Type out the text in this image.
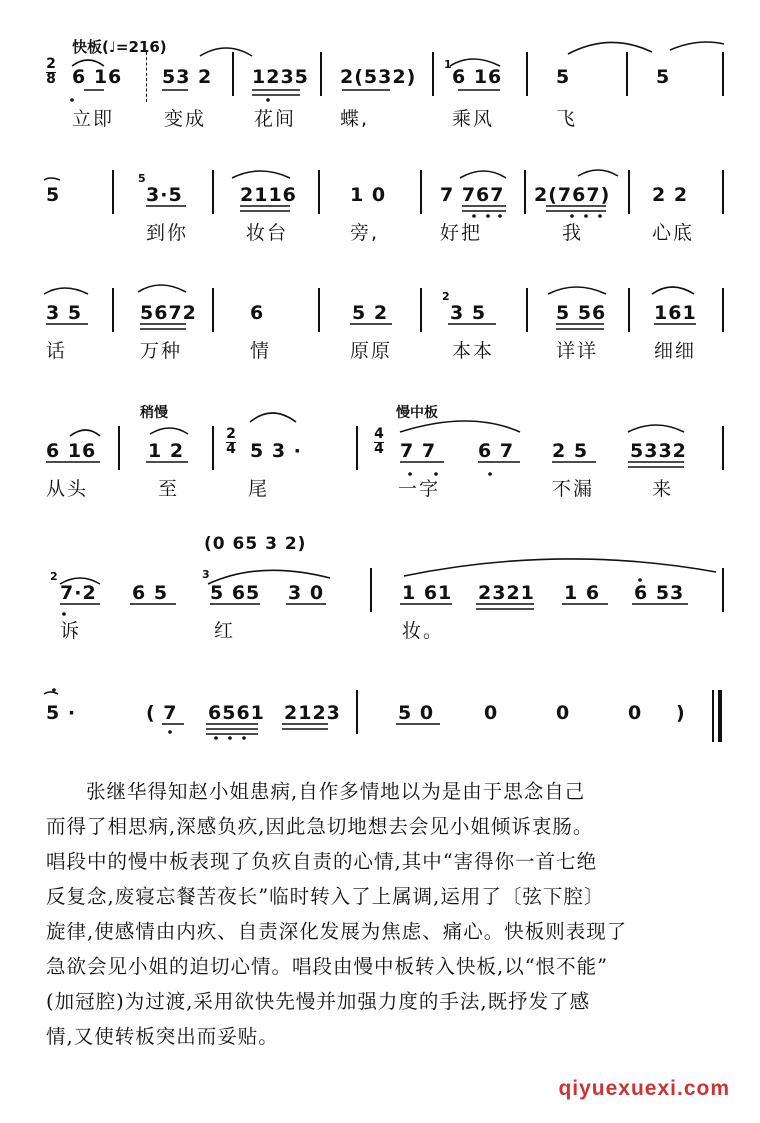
快板(♩=216)
2
8 6 16 53 2 1235 2(532)
1
6 16	5	5
立即	变成	花间 蝶,	乘风	飞
5
5
3·5	2116	1 0	7 767 2(767) 2 2
到你	妆台	旁,	好把	我	心底
3 5	5672	6	5 2
2
3 5	5 56	161
话	万种	情	原原	本本	详详	细细
稍慢	慢中板
2
4
4
4
6 16	1 2	5 3 ·	7 7 6 7 2 5 5332
从头	至	尾	一字	不漏	来
(0 65 3 2)
2	3
7·2 6 5 5 65 3 0	1 61 2321 1 6 6 53
诉	红	妆。
5 ·	( 7 6561 2123	5 0	0	0	0 )

张继华得知赵小姐患病,自作多情地以为是由于思念自己

而得了相思病,深感负疚,因此急切地想去会见小姐倾诉衷肠。

唱段中的慢中板表现了负疚自责的心情,其中“害得你一首七绝

反复念,废寝忘餐苦夜长”临时转入了上属调,运用了〔弦下腔〕

旋律,使感情由内疚、自责深化发展为焦虑、痛心。快板则表现了

急欲会见小姐的迫切心情。唱段由慢中板转入快板,以“恨不能”

(加冠腔)为过渡,采用欲快先慢并加强力度的手法,既抒发了感

情,又使转板突出而妥贴。

qiyuexuexi.com
